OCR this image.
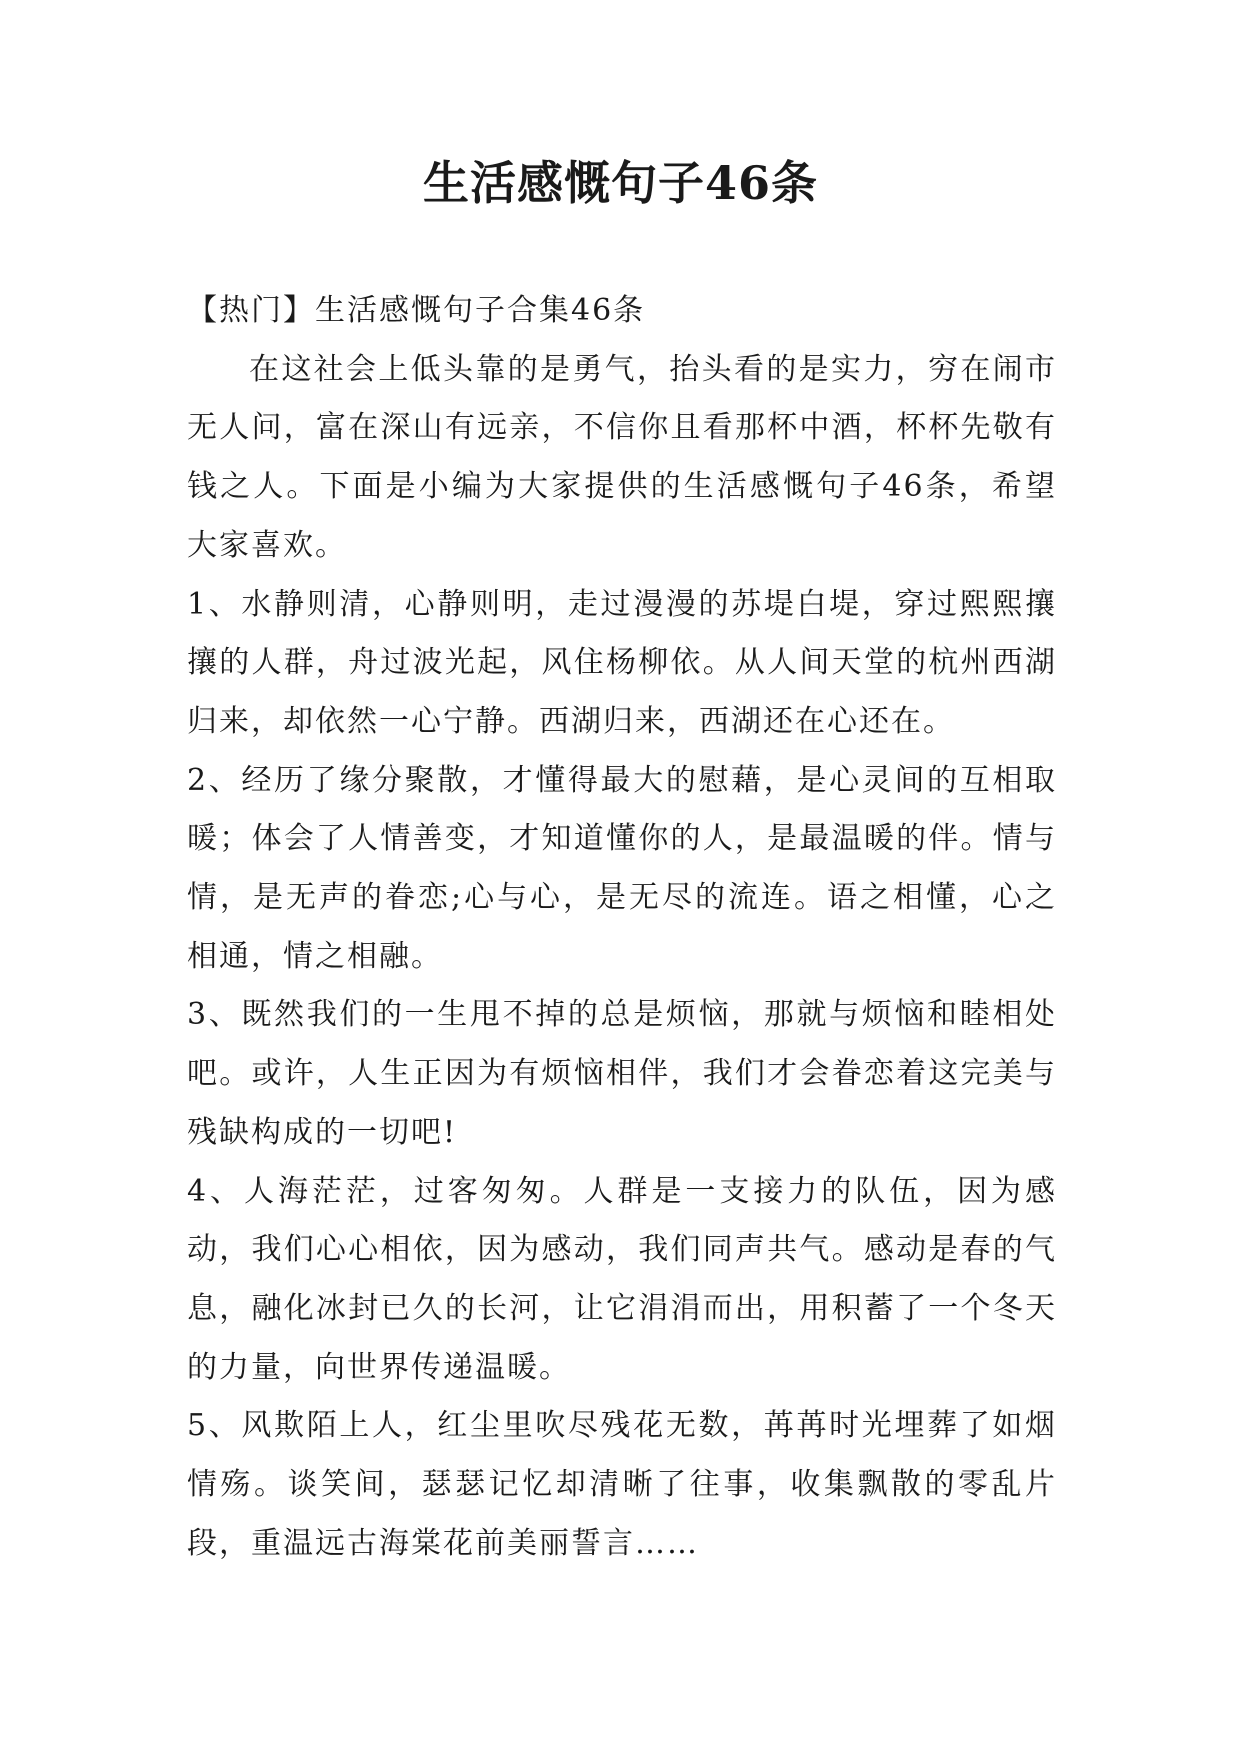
生活感慨句子46条

【热门】生活感慨句子合集46条

在这社会上低头靠的是勇气，抬头看的是实力，穷在闹市无人问，富在深山有远亲，不信你且看那杯中酒，杯杯先敬有钱之人。下面是小编为大家提供的生活感慨句子46条，希望大家喜欢。

1、水静则清，心静则明，走过漫漫的苏堤白堤，穿过熙熙攘攘的人群，舟过波光起，风住杨柳依。从人间天堂的杭州西湖归来，却依然一心宁静。西湖归来，西湖还在心还在。

2、经历了缘分聚散，才懂得最大的慰藉，是心灵间的互相取暖；体会了人情善变，才知道懂你的人，是最温暖的伴。情与情，是无声的眷恋;心与心，是无尽的流连。语之相懂，心之相通，情之相融。

3、既然我们的一生甩不掉的总是烦恼，那就与烦恼和睦相处吧。或许，人生正因为有烦恼相伴，我们才会眷恋着这完美与残缺构成的一切吧!

4、人海茫茫，过客匆匆。人群是一支接力的队伍，因为感动，我们心心相依，因为感动，我们同声共气。感动是春的气息，融化冰封已久的长河，让它涓涓而出，用积蓄了一个冬天的力量，向世界传递温暖。

5、风欺陌上人，红尘里吹尽残花无数，苒苒时光埋葬了如烟情殇。谈笑间，瑟瑟记忆却清晰了往事，收集飘散的零乱片段，重温远古海棠花前美丽誓言……
